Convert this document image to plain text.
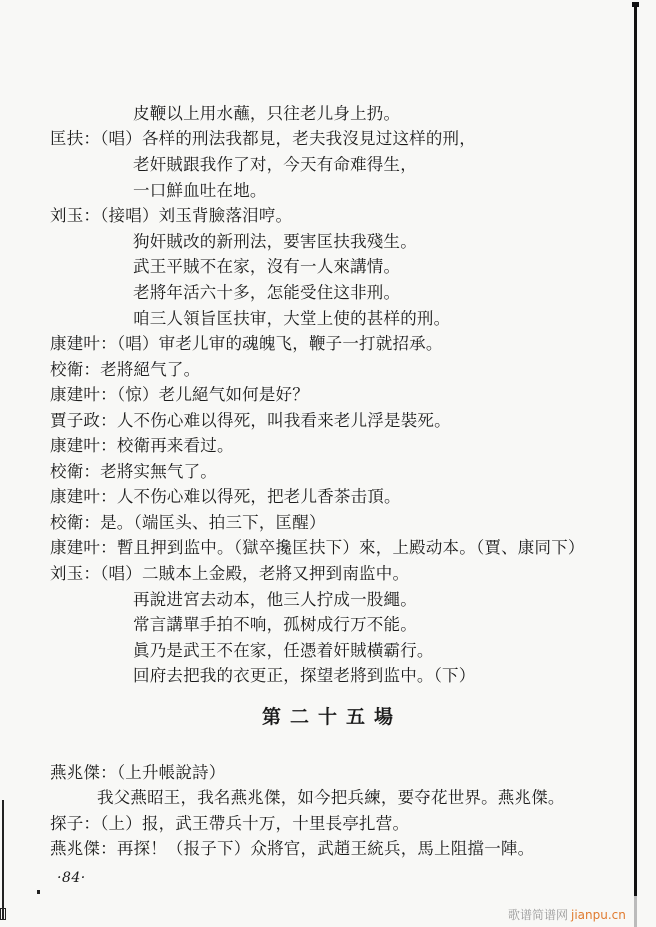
皮鞭以上用水蘸，只往老儿身上扔。
匡扶：（唱）各样的刑法我都見，老夫我沒見过这样的刑，
老奸賊跟我作了对，今天有命难得生，
一口鮮血吐在地。
刘玉：（接唱）刘玉背臉落泪哼。
狗奸賊改的新刑法，要害匡扶我殘生。
武王平賊不在家，沒有一人來講情。
老將年活六十多，怎能受住这非刑。
咱三人領旨匡扶审，大堂上使的甚样的刑。
康建叶：（唱）审老儿审的魂魄飞，鞭子一打就招承。
校衛：老將絕气了。
康建叶：（惊）老儿絕气如何是好？
賈子政：人不伤心难以得死，叫我看来老儿浮是裝死。
康建叶：校衛再来看过。
校衛：老將实無气了。
康建叶：人不伤心难以得死，把老儿香茶击頂。
校衛：是。（端匡头、拍三下，匡醒）
康建叶：暫且押到监中。（獄卒攙匡扶下）來，上殿动本。（賈、康同下）
刘玉：（唱）二賊本上金殿，老將又押到南监中。
再說进宮去动本，他三人拧成一股繩。
常言講單手拍不响，孤树成行万不能。
眞乃是武王不在家，任憑着奸賊橫霸行。
回府去把我的衣更正，探望老將到监中。（下）
第二十五場
燕兆傑：（上升帳說詩）
我父燕昭王，我名燕兆傑，如今把兵練，要夺花世界。燕兆傑。
探子：（上）报，武王帶兵十万，十里長亭扎营。
燕兆傑：再探！（报子下）众將官，武趙王統兵，馬上阻擋一陣。
·84·
歌谱简谱网 jianpu.cn
